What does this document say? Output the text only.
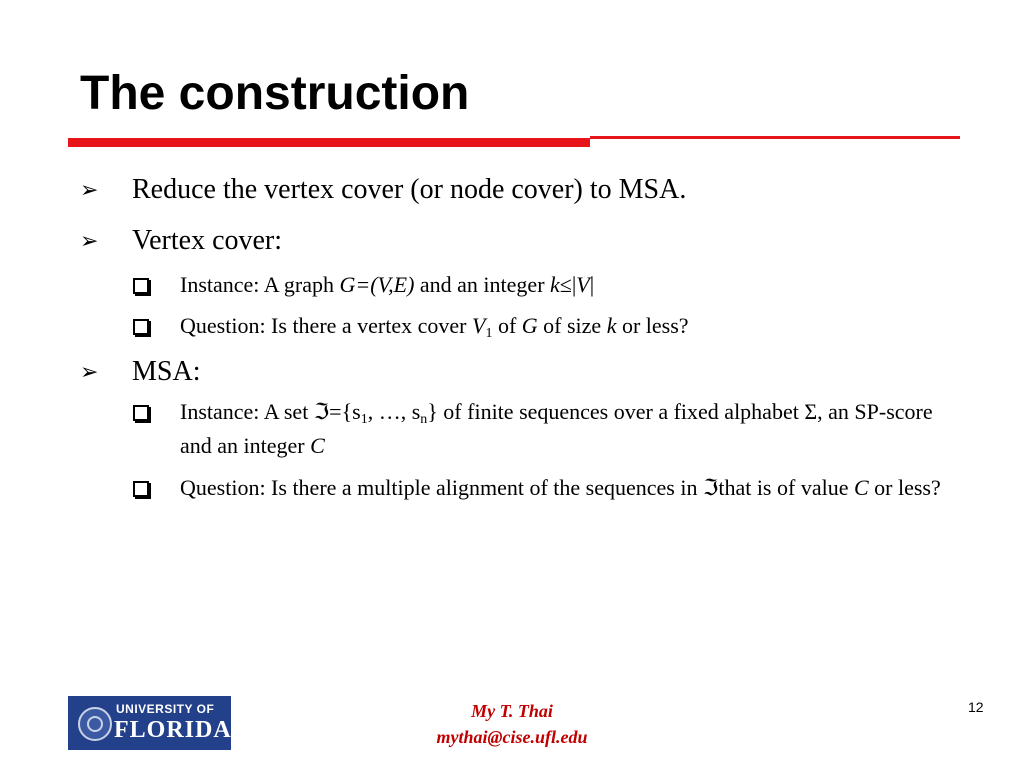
The construction
➢ Reduce the vertex cover (or node cover) to MSA.
➢ Vertex cover:
Instance: A graph G=(V,E) and an integer k≤|V|
Question: Is there a vertex cover $V_1$ of G of size k or less?
➢ MSA:
Instance: A set $ℑ=\{s_1$, …, $s_n$} of finite sequences over a fixed alphabet Σ, an SP-score and an integer C
Question: Is there a multiple alignment of the sequences in ℑthat is of value C or less?
UNIVERSITY OF
FLORIDA
My T. Thai
mythai@cise.ufl.edu
12
